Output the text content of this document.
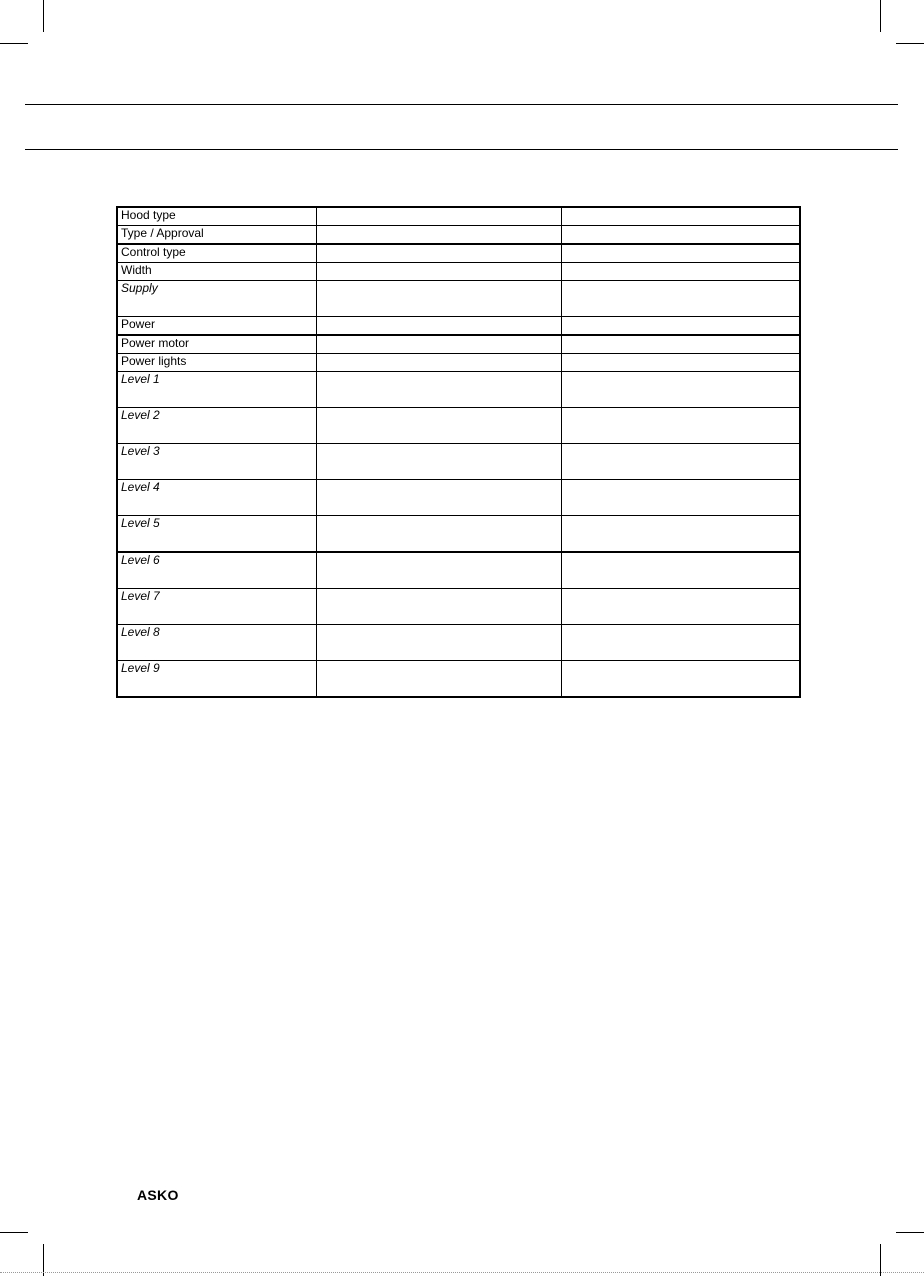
Hood type		
Type / Approval		
Control type		
Width		
Supply		
Power		
Power motor		
Power lights		
Level 1		
Level 2		
Level 3		
Level 4		
Level 5		
Level 6		
Level 7		
Level 8		
Level 9		
ASKO
